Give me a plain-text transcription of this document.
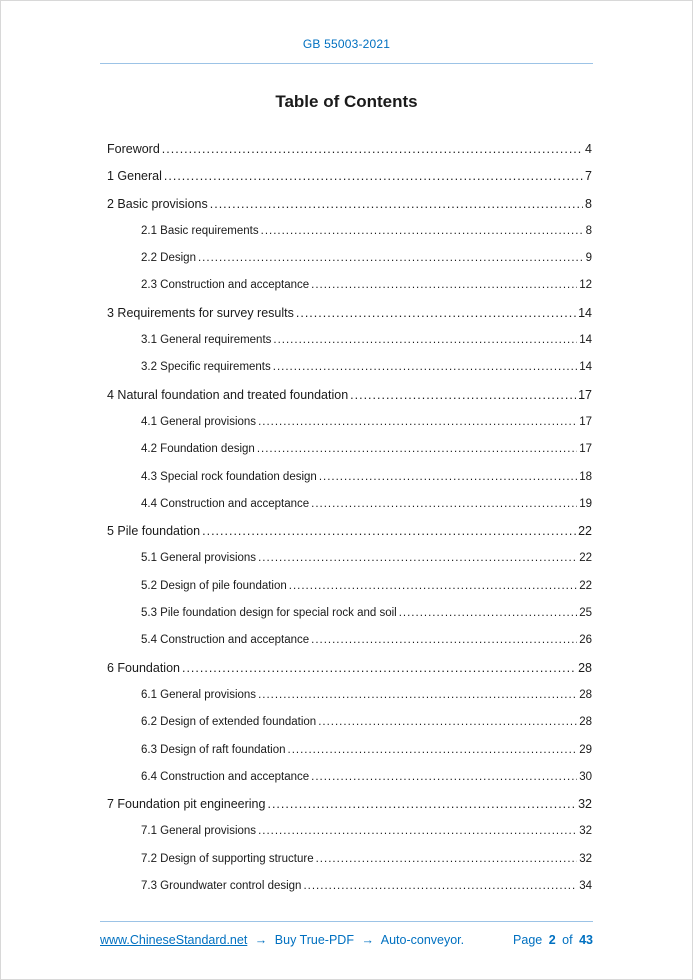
GB 55003-2021
Table of Contents
Foreword .....	4
1 General .....	7
2 Basic provisions .....	8
2.1 Basic requirements .....	8
2.2 Design .....	9
2.3 Construction and acceptance .....	12
3 Requirements for survey results .....	14
3.1 General requirements .....	14
3.2 Specific requirements .....	14
4 Natural foundation and treated foundation .....	17
4.1 General provisions .....	17
4.2 Foundation design .....	17
4.3 Special rock foundation design .....	18
4.4 Construction and acceptance .....	19
5 Pile foundation .....	22
5.1 General provisions .....	22
5.2 Design of pile foundation .....	22
5.3 Pile foundation design for special rock and soil .....	25
5.4 Construction and acceptance .....	26
6 Foundation .....	28
6.1 General provisions .....	28
6.2 Design of extended foundation .....	28
6.3 Design of raft foundation .....	29
6.4 Construction and acceptance .....	30
7 Foundation pit engineering .....	32
7.1 General provisions .....	32
7.2 Design of supporting structure .....	32
7.3 Groundwater control design .....	34
www.ChineseStandard.net → Buy True-PDF → Auto-conveyor.	Page 2 of 43
